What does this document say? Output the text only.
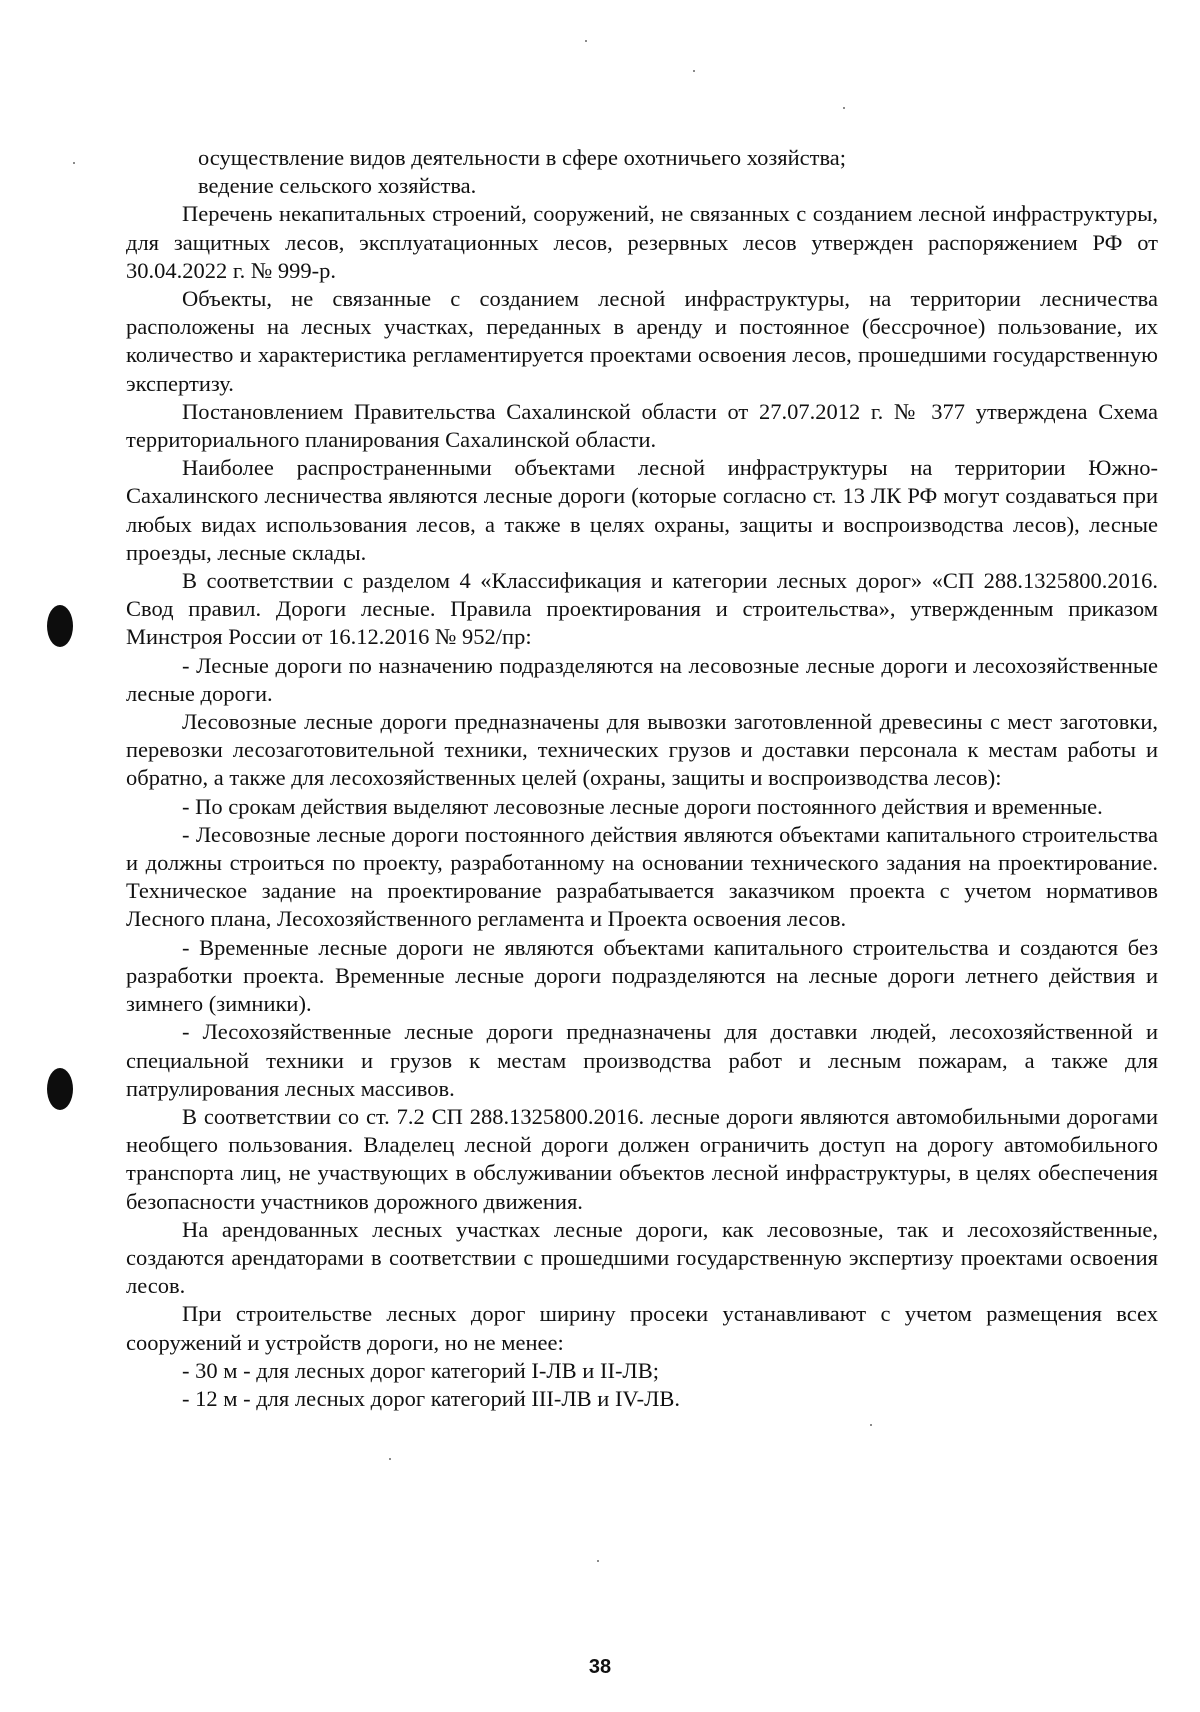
осуществление видов деятельности в сфере охотничьего хозяйства;

ведение сельского хозяйства.

Перечень некапитальных строений, сооружений, не связанных с созданием лесной инфраструктуры, для защитных лесов, эксплуатационных лесов, резервных лесов утвержден распоряжением РФ от 30.04.2022 г. № 999-р.

Объекты, не связанные с созданием лесной инфраструктуры, на территории лесничества расположены на лесных участках, переданных в аренду и постоянное (бессрочное) пользование, их количество и характеристика регламентируется проектами освоения лесов, прошедшими государственную экспертизу.

Постановлением Правительства Сахалинской области от 27.07.2012 г. № 377 утверждена Схема территориального планирования Сахалинской области.

Наиболее распространенными объектами лесной инфраструктуры на территории Южно-Сахалинского лесничества являются лесные дороги (которые согласно ст. 13 ЛК РФ могут создаваться при любых видах использования лесов, а также в целях охраны, защиты и воспроизводства лесов), лесные проезды, лесные склады.

В соответствии с разделом 4 «Классификация и категории лесных дорог» «СП 288.1325800.2016. Свод правил. Дороги лесные. Правила проектирования и строительства», утвержденным приказом Минстроя России от 16.12.2016 № 952/пр:

- Лесные дороги по назначению подразделяются на лесовозные лесные дороги и лесохозяйственные лесные дороги.

Лесовозные лесные дороги предназначены для вывозки заготовленной древесины с мест заготовки, перевозки лесозаготовительной техники, технических грузов и доставки персонала к местам работы и обратно, а также для лесохозяйственных целей (охраны, защиты и воспроизводства лесов):

- По срокам действия выделяют лесовозные лесные дороги постоянного действия и временные.

- Лесовозные лесные дороги постоянного действия являются объектами капитального строительства и должны строиться по проекту, разработанному на основании технического задания на проектирование. Техническое задание на проектирование разрабатывается заказчиком проекта с учетом нормативов Лесного плана, Лесохозяйственного регламента и Проекта освоения лесов.

- Временные лесные дороги не являются объектами капитального строительства и создаются без разработки проекта. Временные лесные дороги подразделяются на лесные дороги летнего действия и зимнего (зимники).

- Лесохозяйственные лесные дороги предназначены для доставки людей, лесохозяйственной и специальной техники и грузов к местам производства работ и лесным пожарам, а также для патрулирования лесных массивов.

В соответствии со ст. 7.2 СП 288.1325800.2016. лесные дороги являются автомобильными дорогами необщего пользования. Владелец лесной дороги должен ограничить доступ на дорогу автомобильного транспорта лиц, не участвующих в обслуживании объектов лесной инфраструктуры, в целях обеспечения безопасности участников дорожного движения.

На арендованных лесных участках лесные дороги, как лесовозные, так и лесохозяйственные, создаются арендаторами в соответствии с прошедшими государственную экспертизу проектами освоения лесов.

При строительстве лесных дорог ширину просеки устанавливают с учетом размещения всех сооружений и устройств дороги, но не менее:

- 30 м - для лесных дорог категорий I-ЛВ и II-ЛВ;

- 12 м - для лесных дорог категорий III-ЛВ и IV-ЛВ.

38
